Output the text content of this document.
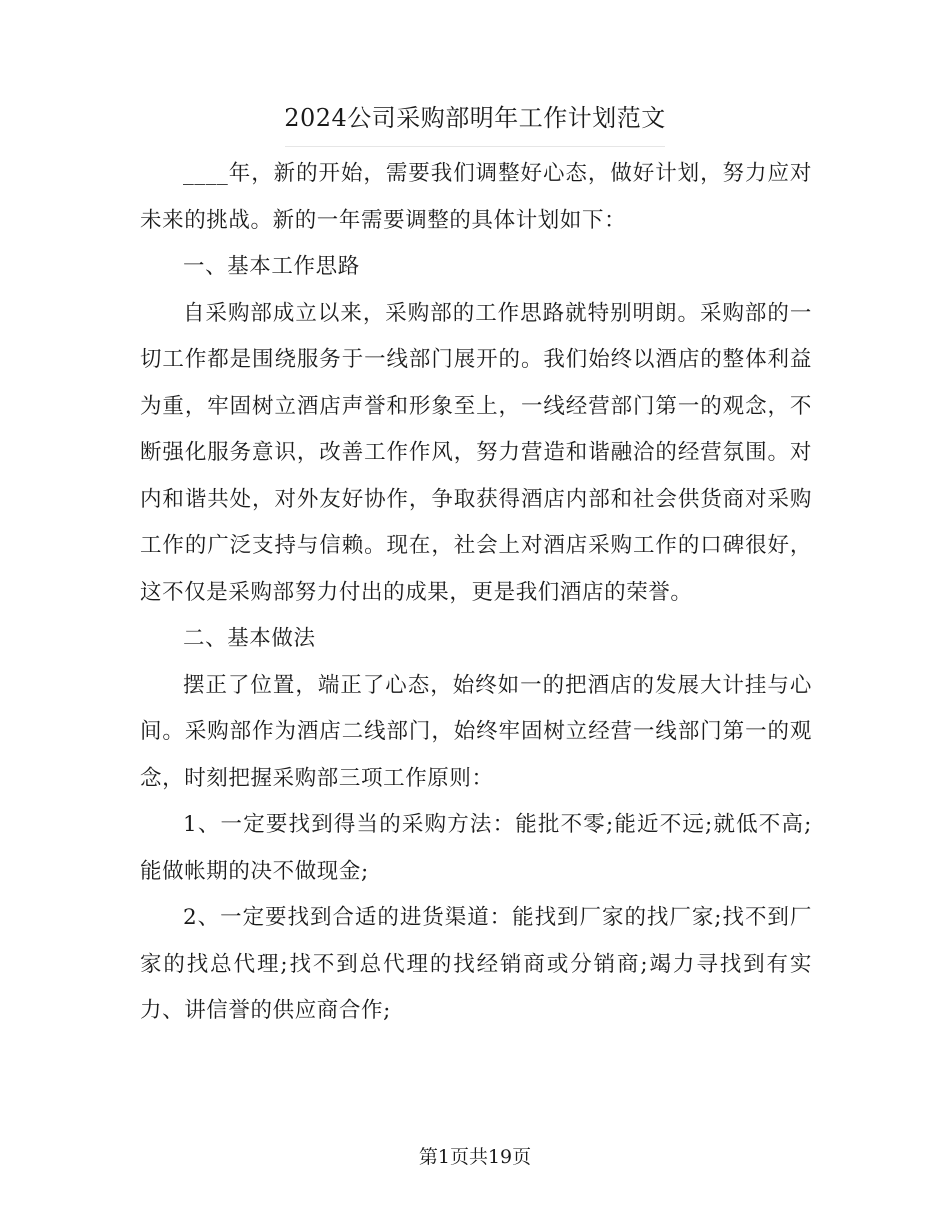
2024公司采购部明年工作计划范文

____年，新的开始，需要我们调整好心态，做好计划，努力应对未来的挑战。新的一年需要调整的具体计划如下：

一、基本工作思路

自采购部成立以来，采购部的工作思路就特别明朗。采购部的一切工作都是围绕服务于一线部门展开的。我们始终以酒店的整体利益为重，牢固树立酒店声誉和形象至上，一线经营部门第一的观念，不断强化服务意识，改善工作作风，努力营造和谐融洽的经营氛围。对内和谐共处，对外友好协作，争取获得酒店内部和社会供货商对采购工作的广泛支持与信赖。现在，社会上对酒店采购工作的口碑很好，这不仅是采购部努力付出的成果，更是我们酒店的荣誉。

二、基本做法

摆正了位置，端正了心态，始终如一的把酒店的发展大计挂与心间。采购部作为酒店二线部门，始终牢固树立经营一线部门第一的观念，时刻把握采购部三项工作原则：

1、一定要找到得当的采购方法：能批不零;能近不远;就低不高;能做帐期的决不做现金;

2、一定要找到合适的进货渠道：能找到厂家的找厂家;找不到厂家的找总代理;找不到总代理的找经销商或分销商;竭力寻找到有实力、讲信誉的供应商合作;

第1页共19页
